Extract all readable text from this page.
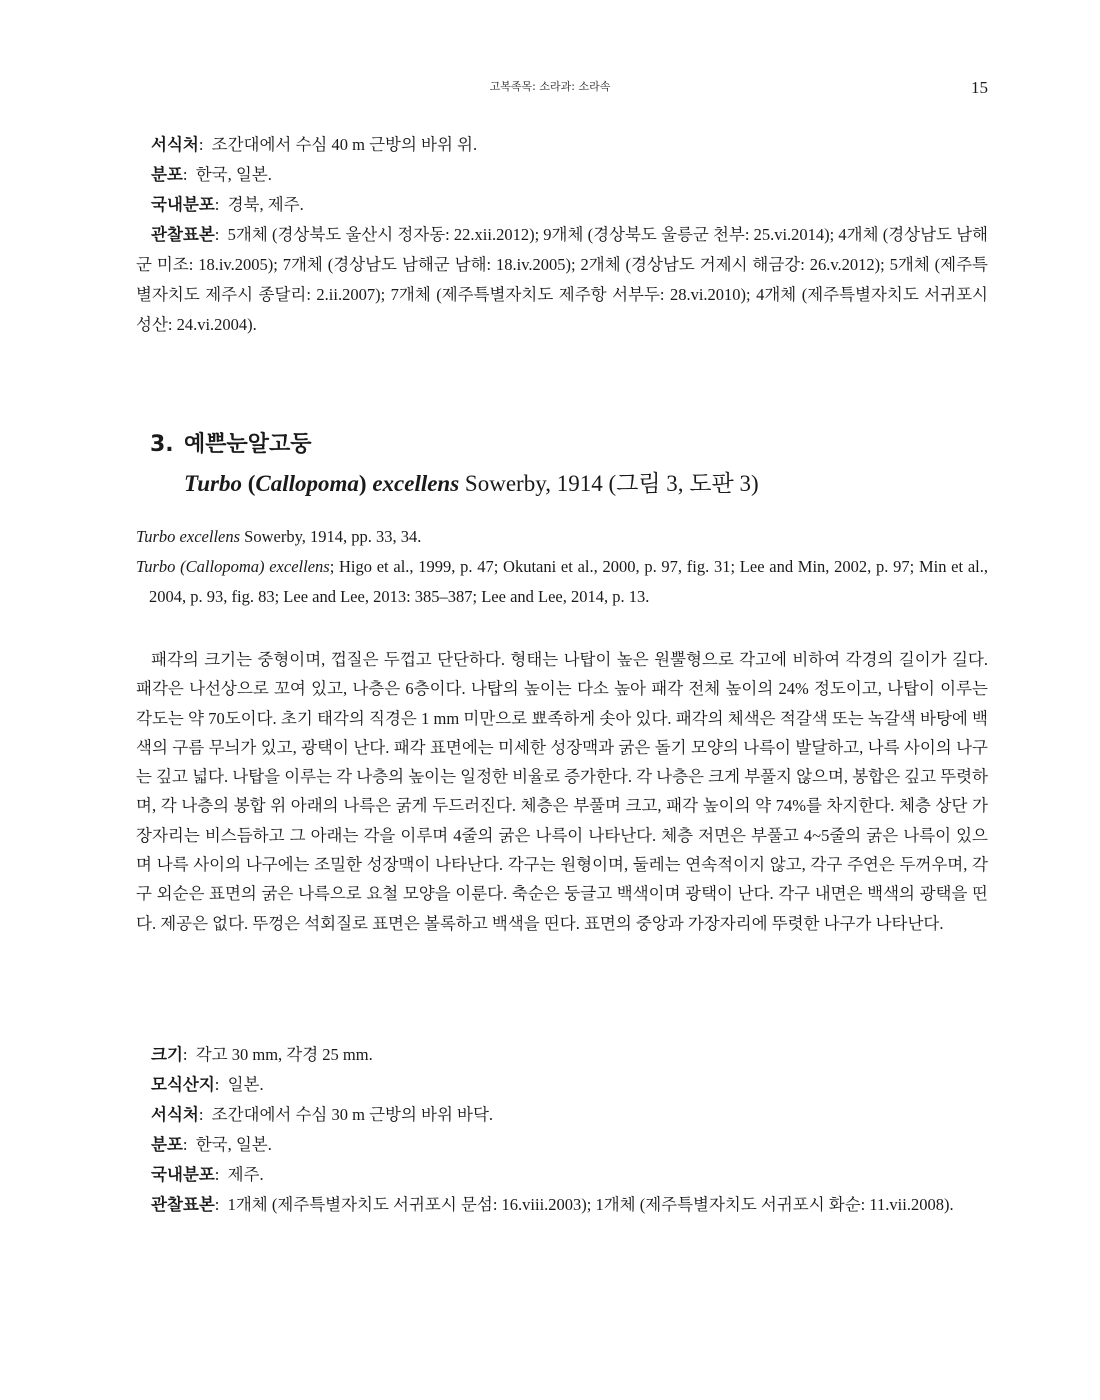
고복족목: 소라과: 소라속	15

서식처:  조간대에서 수심 40 m 근방의 바위 위.

분포:  한국, 일본.

국내분포:  경북, 제주.

관찰표본:  5개체 (경상북도 울산시 정자동: 22.xii.2012); 9개체 (경상북도 울릉군 천부: 25.vi.2014); 4개체 (경상남도 남해군 미조: 18.iv.2005); 7개체 (경상남도 남해군 남해: 18.iv.2005); 2개체 (경상남도 거제시 해금강: 26.v.2012); 5개체 (제주특별자치도 제주시 종달리: 2.ii.2007); 7개체 (제주특별자치도 제주항 서부두: 28.vi.2010); 4개체 (제주특별자치도 서귀포시 성산: 24.vi.2004).

3. 예쁜눈알고둥
Turbo (Callopoma) excellens Sowerby, 1914 (그림 3, 도판 3)

Turbo excellens Sowerby, 1914, pp. 33, 34.

Turbo (Callopoma) excellens; Higo et al., 1999, p. 47; Okutani et al., 2000, p. 97, fig. 31; Lee and Min, 2002, p. 97; Min et al., 2004, p. 93, fig. 83; Lee and Lee, 2013: 385–387; Lee and Lee, 2014, p. 13.

패각의 크기는 중형이며, 껍질은 두껍고 단단하다. 형태는 나탑이 높은 원뿔형으로 각고에 비하여 각경의 길이가 길다. 패각은 나선상으로 꼬여 있고, 나층은 6층이다. 나탑의 높이는 다소 높아 패각 전체 높이의 24% 정도이고, 나탑이 이루는 각도는 약 70도이다. 초기 태각의 직경은 1 mm 미만으로 뾰족하게 솟아 있다. 패각의 체색은 적갈색 또는 녹갈색 바탕에 백색의 구름 무늬가 있고, 광택이 난다. 패각 표면에는 미세한 성장맥과 굵은 돌기 모양의 나륵이 발달하고, 나륵 사이의 나구는 깊고 넓다. 나탑을 이루는 각 나층의 높이는 일정한 비율로 증가한다. 각 나층은 크게 부풀지 않으며, 봉합은 깊고 뚜렷하며, 각 나층의 봉합 위 아래의 나륵은 굵게 두드러진다. 체층은 부풀며 크고, 패각 높이의 약 74%를 차지한다. 체층 상단 가장자리는 비스듬하고 그 아래는 각을 이루며 4줄의 굵은 나륵이 나타난다. 체층 저면은 부풀고 4~5줄의 굵은 나륵이 있으며 나륵 사이의 나구에는 조밀한 성장맥이 나타난다. 각구는 원형이며, 둘레는 연속적이지 않고, 각구 주연은 두꺼우며, 각구 외순은 표면의 굵은 나륵으로 요철 모양을 이룬다. 축순은 둥글고 백색이며 광택이 난다. 각구 내면은 백색의 광택을 띤다. 제공은 없다. 뚜껑은 석회질로 표면은 볼록하고 백색을 띤다. 표면의 중앙과 가장자리에 뚜렷한 나구가 나타난다.

크기:  각고 30 mm, 각경 25 mm.

모식산지:  일본.

서식처:  조간대에서 수심 30 m 근방의 바위 바닥.

분포:  한국, 일본.

국내분포:  제주.

관찰표본:  1개체 (제주특별자치도 서귀포시 문섬: 16.viii.2003); 1개체 (제주특별자치도 서귀포시 화순: 11.vii.2008).
